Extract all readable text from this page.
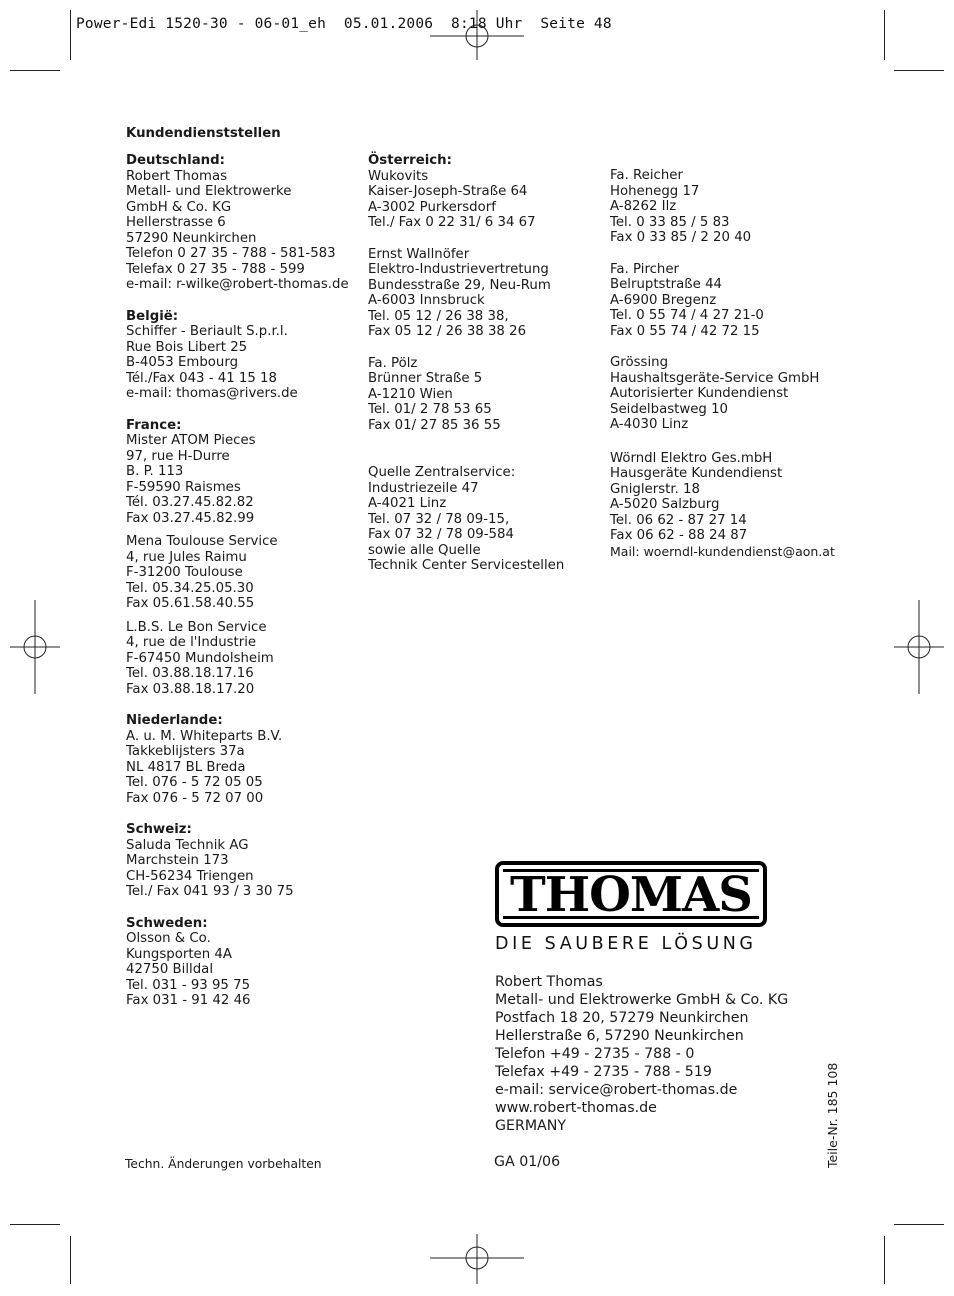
Power-Edi 1520-30 - 06-01_eh  05.01.2006  8:18 Uhr  Seite 48
Kundendienststellen
Deutschland:
Robert Thomas
Metall- und Elektrowerke
GmbH & Co. KG
Hellerstrasse 6
57290 Neunkirchen
Telefon 0 27 35 - 788 - 581-583
Telefax 0 27 35 - 788 - 599
e-mail: r-wilke@robert-thomas.de
België:
Schiffer - Beriault S.p.r.l.
Rue Bois Libert 25
B-4053 Embourg
Tél./Fax 043 - 41 15 18
e-mail: thomas@rivers.de
France:
Mister ATOM Pieces
97, rue H-Durre
B. P. 113
F-59590 Raismes
Tél. 03.27.45.82.82
Fax 03.27.45.82.99
Mena Toulouse Service
4, rue Jules Raimu
F-31200 Toulouse
Tel. 05.34.25.05.30
Fax 05.61.58.40.55
L.B.S. Le Bon Service
4, rue de l'Industrie
F-67450 Mundolsheim
Tel. 03.88.18.17.16
Fax 03.88.18.17.20
Niederlande:
A. u. M. Whiteparts B.V.
Takkeblijsters 37a
NL 4817 BL Breda
Tel. 076 - 5 72 05 05
Fax 076 - 5 72 07 00
Schweiz:
Saluda Technik AG
Marchstein 173
CH-56234 Triengen
Tel./ Fax 041 93 / 3 30 75
Schweden:
Olsson & Co.
Kungsporten 4A
42750 Billdal
Tel. 031 - 93 95 75
Fax 031 - 91 42 46
Österreich:
Wukovits
Kaiser-Joseph-Straße 64
A-3002 Purkersdorf
Tel./ Fax 0 22 31/ 6 34 67
Ernst Wallnöfer
Elektro-Industrievertretung
Bundesstraße 29, Neu-Rum
A-6003 Innsbruck
Tel. 05 12 / 26 38 38,
Fax 05 12 / 26 38 38 26
Fa. Pölz
Brünner Straße 5
A-1210 Wien
Tel. 01/ 2 78 53 65
Fax 01/ 27 85 36 55
Quelle Zentralservice:
Industriezeile 47
A-4021 Linz
Tel. 07 32 / 78 09-15,
Fax 07 32 / 78 09-584
sowie alle Quelle
Technik Center Servicestellen
Fa. Reicher
Hohenegg 17
A-8262 Ilz
Tel. 0 33 85 / 5 83
Fax 0 33 85 / 2 20 40
Fa. Pircher
Belruptstraße 44
A-6900 Bregenz
Tel. 0 55 74 / 4 27 21-0
Fax 0 55 74 / 42 72 15
Grössing
Haushaltsgeräte-Service GmbH
Autorisierter Kundendienst
Seidelbastweg 10
A-4030 Linz
Wörndl Elektro Ges.mbH
Hausgeräte Kundendienst
Gniglerstr. 18
A-5020 Salzburg
Tel. 06 62 - 87 27 14
Fax 06 62 - 88 24 87
Mail: woerndl-kundendienst@aon.at
THOMAS
DIE SAUBERE LÖSUNG
Robert Thomas
Metall- und Elektrowerke GmbH & Co. KG
Postfach 18 20, 57279 Neunkirchen
Hellerstraße 6, 57290 Neunkirchen
Telefon +49 - 2735 - 788 - 0
Telefax +49 - 2735 - 788 - 519
e-mail: service@robert-thomas.de
www.robert-thomas.de
GERMANY
Techn. Änderungen vorbehalten	GA 01/06	Teile-Nr. 185 108
